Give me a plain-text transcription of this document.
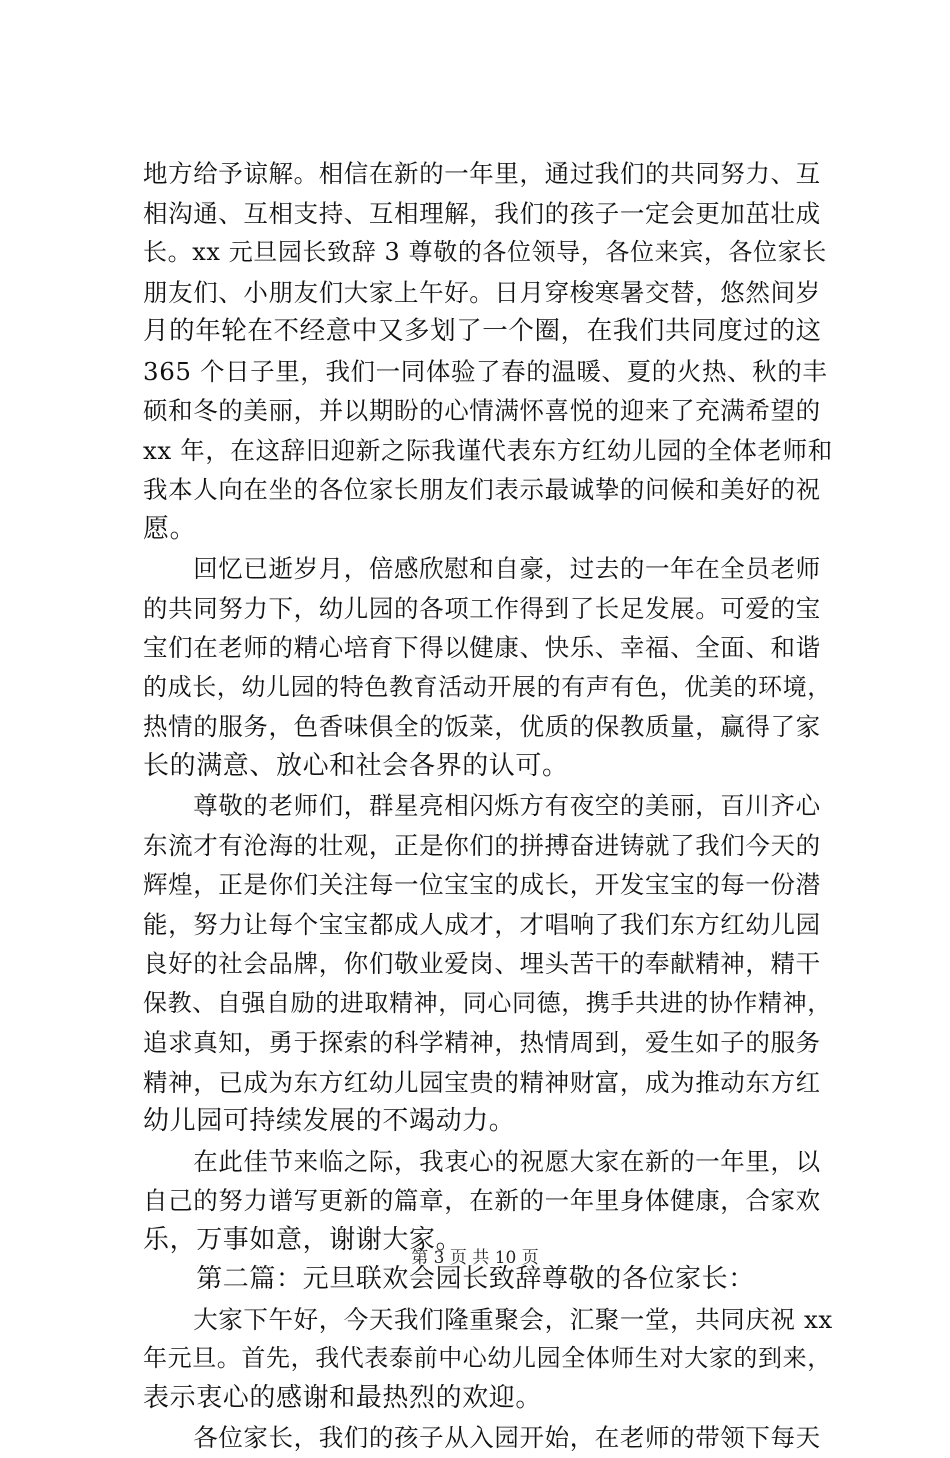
地方给予谅解。相信在新的一年里，通过我们的共同努力、互
相沟通、互相支持、互相理解，我们的孩子一定会更加茁壮成
长。xx 元旦园长致辞 3 尊敬的各位领导，各位来宾，各位家长
朋友们、小朋友们大家上午好。日月穿梭寒暑交替，悠然间岁
月的年轮在不经意中又多划了一个圈，在我们共同度过的这
365 个日子里，我们一同体验了春的温暖、夏的火热、秋的丰
硕和冬的美丽，并以期盼的心情满怀喜悦的迎来了充满希望的
xx 年，在这辞旧迎新之际我谨代表东方红幼儿园的全体老师和
我本人向在坐的各位家长朋友们表示最诚挚的问候和美好的祝
愿。
　　回忆已逝岁月，倍感欣慰和自豪，过去的一年在全员老师
的共同努力下，幼儿园的各项工作得到了长足发展。可爱的宝
宝们在老师的精心培育下得以健康、快乐、幸福、全面、和谐
的成长，幼儿园的特色教育活动开展的有声有色，优美的环境，
热情的服务，色香味俱全的饭菜，优质的保教质量，赢得了家
长的满意、放心和社会各界的认可。
　　尊敬的老师们，群星亮相闪烁方有夜空的美丽，百川齐心
东流才有沧海的壮观，正是你们的拼搏奋进铸就了我们今天的
辉煌，正是你们关注每一位宝宝的成长，开发宝宝的每一份潜
能，努力让每个宝宝都成人成才，才唱响了我们东方红幼儿园
良好的社会品牌，你们敬业爱岗、埋头苦干的奉献精神，精干
保教、自强自励的进取精神，同心同德，携手共进的协作精神，
追求真知，勇于探索的科学精神，热情周到，爱生如子的服务
精神，已成为东方红幼儿园宝贵的精神财富，成为推动东方红
幼儿园可持续发展的不竭动力。
　　在此佳节来临之际，我衷心的祝愿大家在新的一年里，以
自己的努力谱写更新的篇章，在新的一年里身体健康，合家欢
乐，万事如意，谢谢大家。
　　第二篇：元旦联欢会园长致辞尊敬的各位家长：
　　大家下午好，今天我们隆重聚会，汇聚一堂，共同庆祝 xx
年元旦。首先，我代表泰前中心幼儿园全体师生对大家的到来，
表示衷心的感谢和最热烈的欢迎。
　　各位家长，我们的孩子从入园开始，在老师的带领下每天
第 3 页 共 10 页
